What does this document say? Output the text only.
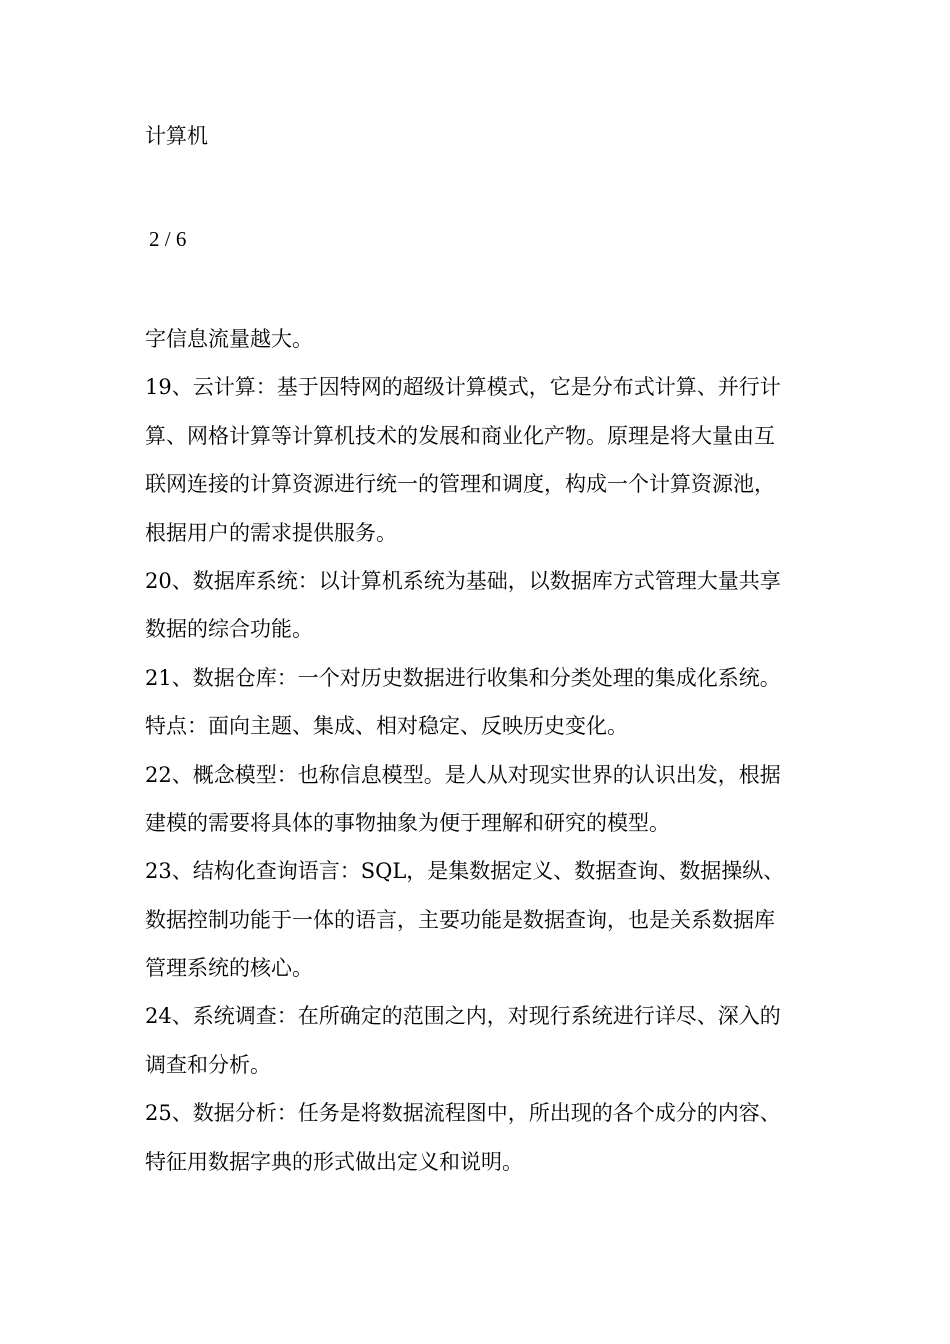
计算机
2 / 6
字信息流量越大。
19、云计算：基于因特网的超级计算模式，它是分布式计算、并行计
算、网格计算等计算机技术的发展和商业化产物。原理是将大量由互
联网连接的计算资源进行统一的管理和调度，构成一个计算资源池，
根据用户的需求提供服务。
20、数据库系统：以计算机系统为基础，以数据库方式管理大量共享
数据的综合功能。
21、数据仓库：一个对历史数据进行收集和分类处理的集成化系统。
特点：面向主题、集成、相对稳定、反映历史变化。
22、概念模型：也称信息模型。是人从对现实世界的认识出发，根据
建模的需要将具体的事物抽象为便于理解和研究的模型。
23、结构化查询语言：SQL，是集数据定义、数据查询、数据操纵、
数据控制功能于一体的语言，主要功能是数据查询，也是关系数据库
管理系统的核心。
24、系统调查：在所确定的范围之内，对现行系统进行详尽、深入的
调查和分析。
25、数据分析：任务是将数据流程图中，所出现的各个成分的内容、
特征用数据字典的形式做出定义和说明。
